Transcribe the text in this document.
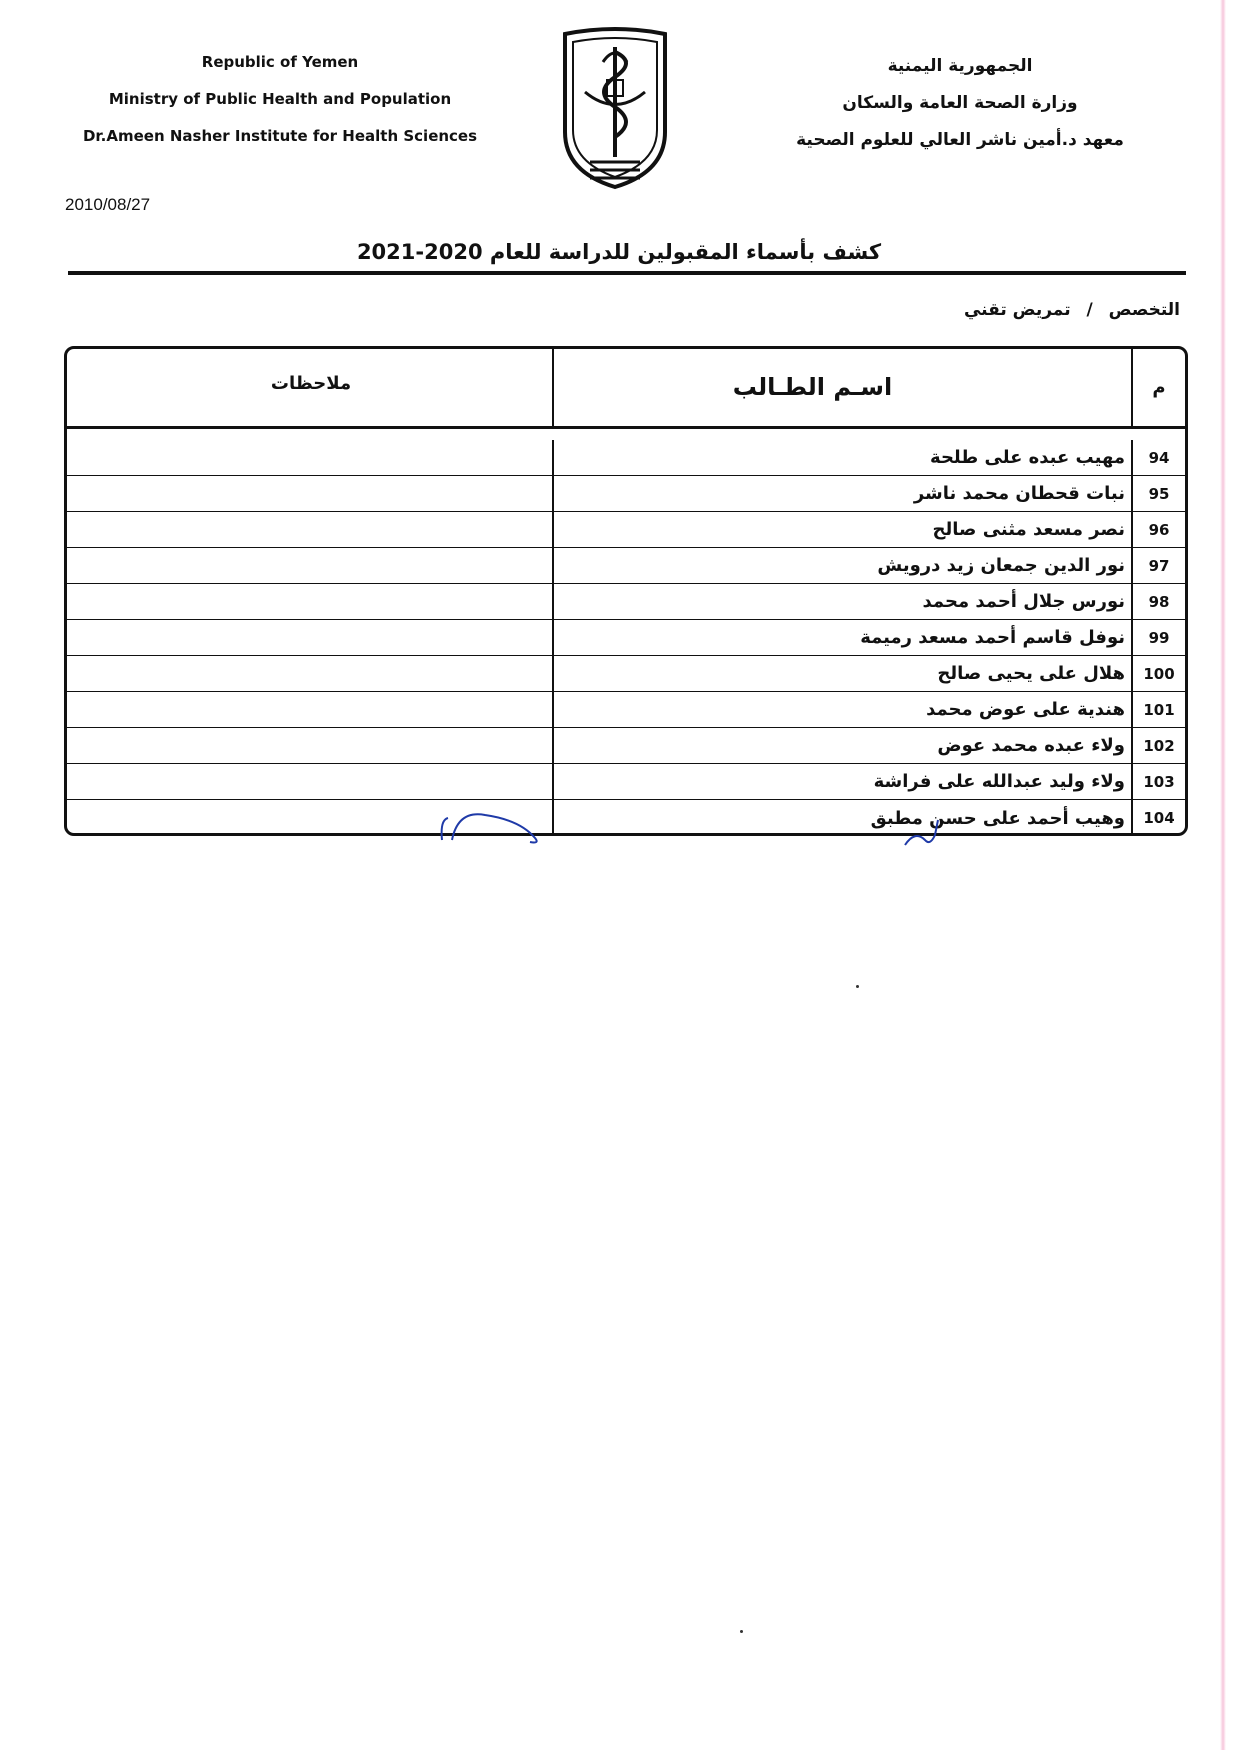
Republic of Yemen
Ministry of Public Health and Population
Dr.Ameen Nasher Institute for Health Sciences
الجمهورية اليمنية
وزارة الصحة العامة والسكان
معهد د.أمين ناشر العالي للعلوم الصحية
2010/08/27
كشف بأسماء المقبولين للدراسة للعام 2020-2021
التخصص / تمريض تقني
م
اسـم الطـالب
ملاحظات
94
مهيب عبده على طلحة
95
نبات قحطان محمد ناشر
96
نصر مسعد مثنى صالح
97
نور الدين جمعان زيد درويش
98
نورس جلال أحمد محمد
99
نوفل قاسم أحمد مسعد رميمة
100
هلال على يحيى صالح
101
هندية على عوض محمد
102
ولاء عبده محمد عوض
103
ولاء وليد عبدالله على فراشة
104
وهيب أحمد على حسن مطبق
